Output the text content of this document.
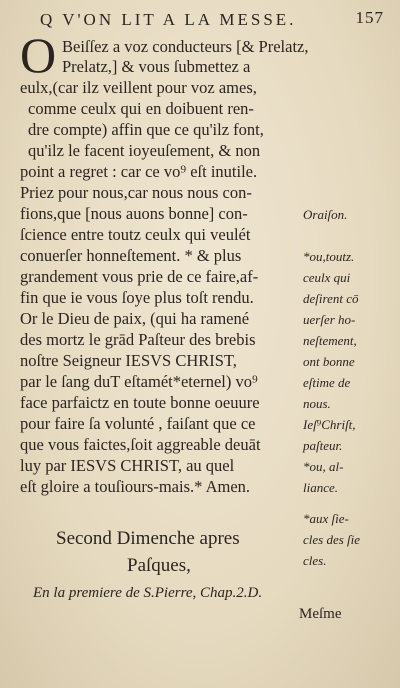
Q V'ON LIT A LA MESSE.	157
O Beiſſez a voz conducteurs [& Prelatz,
Prelatz,] & vous ſubmettez a
eulx,(car ilz veillent pour voz ames,
comme ceulx qui en doibuent ren-
dre compte) affin que ce qu'ilz font,
qu'ilz le facent ioyeuſement, & non
point a regret : car ce vo⁹ eſt inutile.
Priez pour nous,car nous nous con-
fions,que [nous auons bonne] con-
ſcience entre toutz ceulx qui veulét
conuerſer honneſtement. * & plus
grandement vous prie de ce faire,af-
fin que ie vous ſoye plus toſt rendu.
Or le Dieu de paix, (qui ha ramené
des mortz le grād Paſteur des brebis
noſtre Seigneur IESVS CHRIST,
par le ſang duT eſtamét*eternel) vo⁹
face parfaictz en toute bonne oeuure
pour faire ſa volunté , faiſant que ce
que vous faictes,ſoit aggreable deuāt
luy par IESVS CHRIST, au quel
eſt gloire a touſiours-mais.* Amen.
Oraiſon.
*ou,toutz.
ceulx qui
deſirent cō
uerſer ho-
neſtement,
ont bonne
eſtime de
nous.
Ieſ⁹Chriſt,
paſteur.
*ou, al-
liance.
*aux ſie-
cles des ſie
cles.
Second Dimenche apres
Paſques,
En la premiere de S.Pierre, Chap.2.D.
Meſme
